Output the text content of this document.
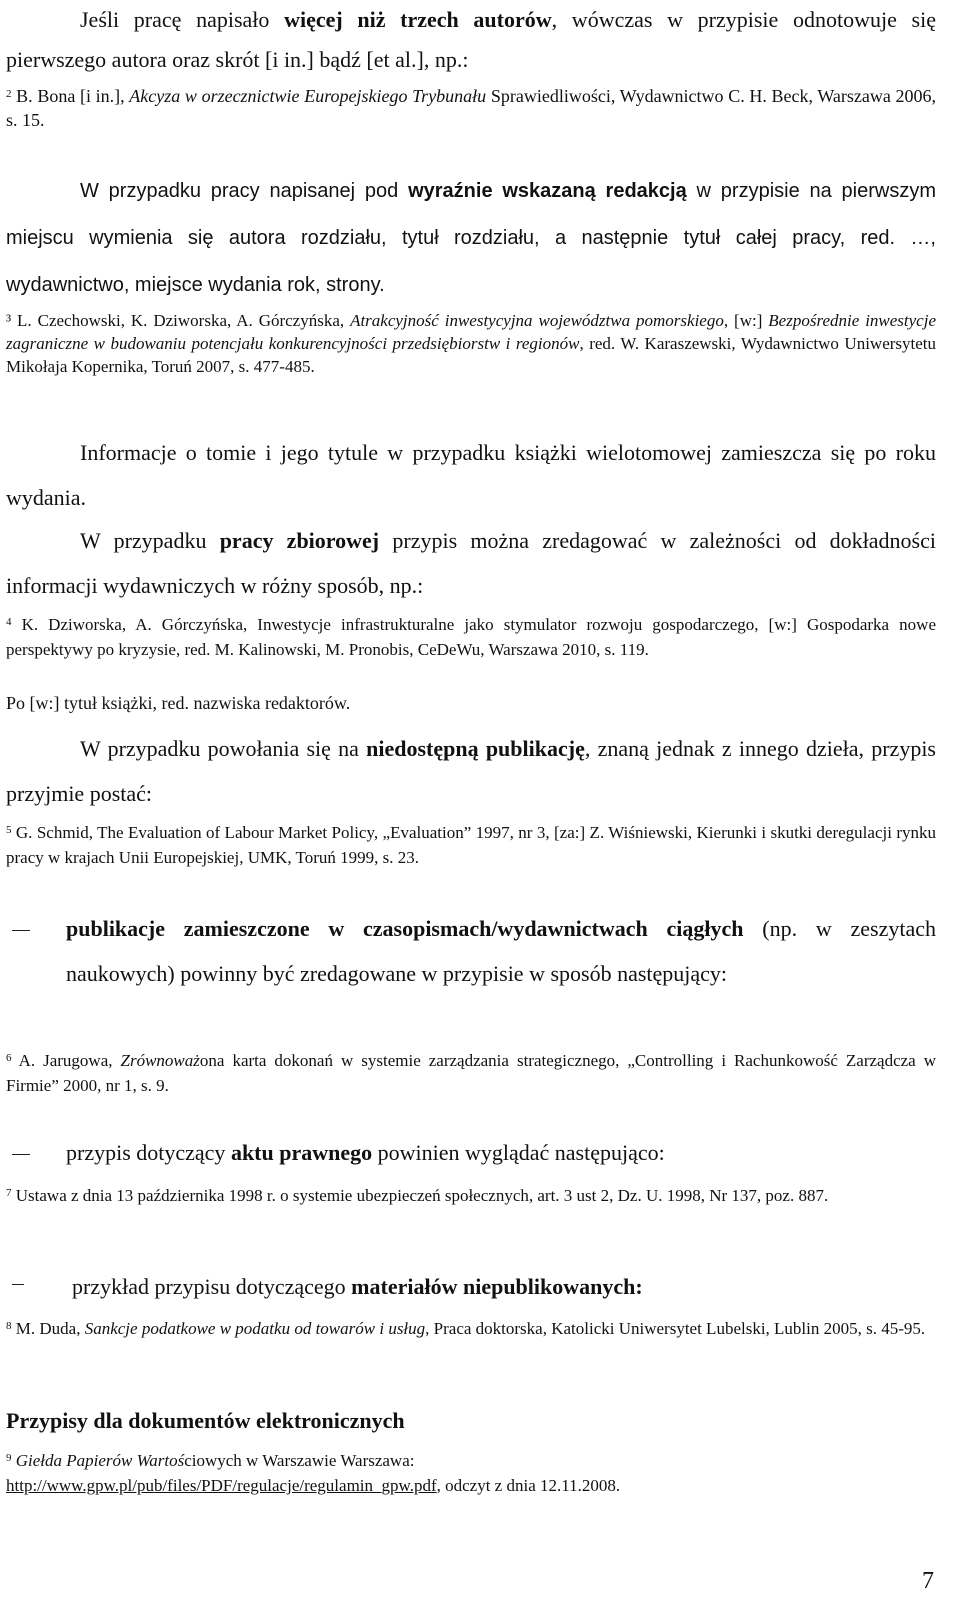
Jeśli pracę napisało więcej niż trzech autorów, wówczas w przypisie odnotowuje się pierwszego autora oraz skrót [i in.] bądź [et al.], np.:
$^2$ B. Bona [i in.], Akcyza w orzecznictwie Europejskiego Trybunału Sprawiedliwości, Wydawnictwo C. H. Beck, Warszawa 2006, s. 15.
W przypadku pracy napisanej pod wyraźnie wskazaną redakcją w przypisie na pierwszym miejscu wymienia się autora rozdziału, tytuł rozdziału, a następnie tytuł całej pracy, red. …, wydawnictwo, miejsce wydania rok, strony.
³ L. Czechowski, K. Dziworska, A. Górczyńska, Atrakcyjność inwestycyjna województwa pomorskiego, [w:] Bezpośrednie inwestycje zagraniczne w budowaniu potencjału konkurencyjności przedsiębiorstw i regionów, red. W. Karaszewski, Wydawnictwo Uniwersytetu Mikołaja Kopernika, Toruń 2007, s. 477-485.
Informacje o tomie i jego tytule w przypadku książki wielotomowej zamieszcza się po roku wydania.
W przypadku pracy zbiorowej przypis można zredagować w zależności od dokładności informacji wydawniczych w różny sposób, np.:
$^4$ K. Dziworska, A. Górczyńska, Inwestycje infrastrukturalne jako stymulator rozwoju gospodarczego, [w:] Gospodarka nowe perspektywy po kryzysie, red. M. Kalinowski, M. Pronobis, CeDeWu, Warszawa 2010, s. 119.
Po [w:] tytuł książki, red. nazwiska redaktorów.
W przypadku powołania się na niedostępną publikację, znaną jednak z innego dzieła, przypis przyjmie postać:
$^5$ G. Schmid, The Evaluation of Labour Market Policy, „Evaluation” 1997, nr 3, [za:] Z. Wiśniewski, Kierunki i skutki deregulacji rynku pracy w krajach Unii Europejskiej, UMK, Toruń 1999, s. 23.
publikacje zamieszczone w czasopismach/wydawnictwach ciągłych (np. w zeszytach naukowych) powinny być zredagowane w przypisie w sposób następujący:
$^6$ A. Jarugowa, Zrównoważona karta dokonań w systemie zarządzania strategicznego, „Controlling i Rachunkowość Zarządcza w Firmie” 2000, nr 1, s. 9.
przypis dotyczący aktu prawnego powinien wyglądać następująco:
$^7$ Ustawa z dnia 13 października 1998 r. o systemie ubezpieczeń społecznych, art. 3 ust 2, Dz. U. 1998, Nr 137, poz. 887.
przykład przypisu dotyczącego materiałów niepublikowanych:
$^8$ M. Duda, Sankcje podatkowe w podatku od towarów i usług, Praca doktorska, Katolicki Uniwersytet Lubelski, Lublin 2005, s. 45-95.
Przypisy dla dokumentów elektronicznych
$^9$ Giełda Papierów Wartościowych w Warszawie Warszawa:
http://www.gpw.pl/pub/files/PDF/regulacje/regulamin_gpw.pdf, odczyt z dnia 12.11.2008.
7
